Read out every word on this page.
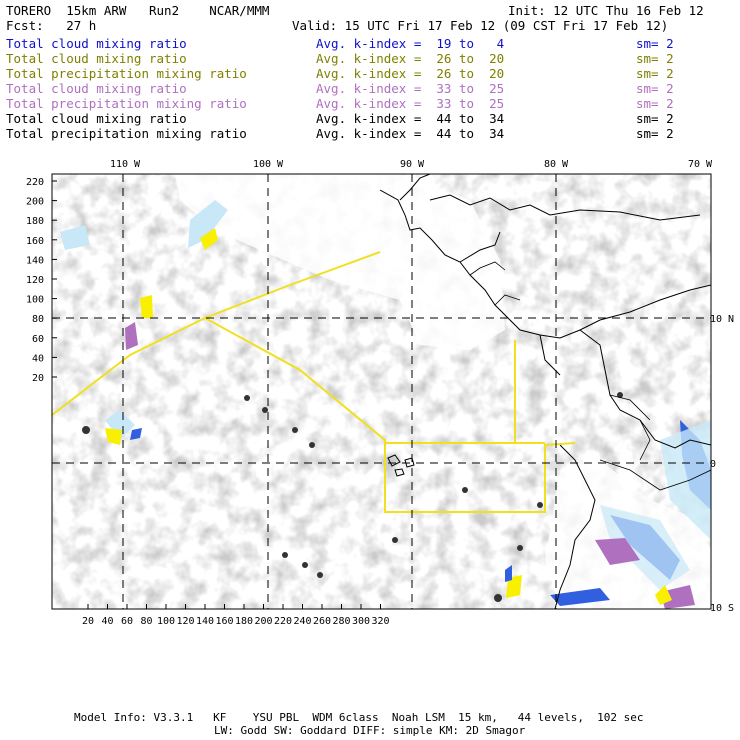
TORERO  15km ARW   Run2    NCAR/MMM	Init: 12 UTC Thu 16 Feb 12
Fcst:   27 h	Valid: 15 UTC Fri 17 Feb 12 (09 CST Fri 17 Feb 12)
Total cloud mixing ratio	Avg. k-index =  19 to   4	sm= 2
Total cloud mixing ratio	Avg. k-index =  26 to  20	sm= 2
Total precipitation mixing ratio	Avg. k-index =  26 to  20	sm= 2
Total cloud mixing ratio	Avg. k-index =  33 to  25	sm= 2
Total precipitation mixing ratio	Avg. k-index =  33 to  25	sm= 2
Total cloud mixing ratio	Avg. k-index =  44 to  34	sm= 2
Total precipitation mixing ratio	Avg. k-index =  44 to  34	sm= 2
110 W	100 W	90 W	80 W	70 W
10 N
0
10 S
220
200
180
160
140
120
100
80
60
40
20
20 40 60 80 100 120 140 160 180 200 220 240 260 280 300 320
Model Info: V3.3.1   KF    YSU PBL  WDM 6class  Noah LSM  15 km,   44 levels,  102 sec
LW: Godd SW: Goddard DIFF: simple KM: 2D Smagor
